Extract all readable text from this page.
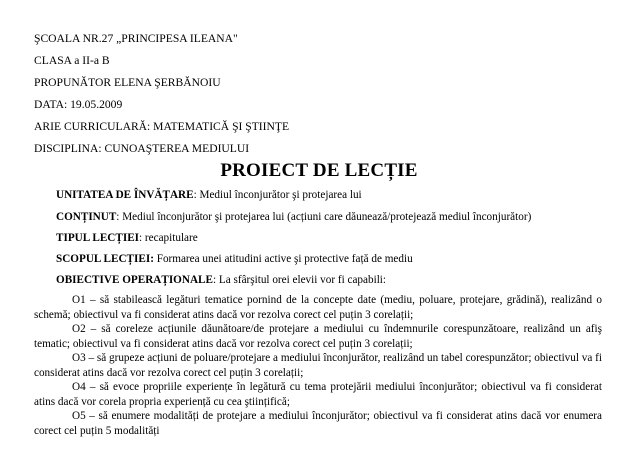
ŞCOALA NR.27 „PRINCIPESA ILEANA"
CLASA a II-a B
PROPUNĂTOR ELENA ŞERBĂNOIU
DATA: 19.05.2009
ARIE CURRICULARĂ: MATEMATICĂ ŞI ŞTIINŢE
DISCIPLINA: CUNOAŞTEREA MEDIULUI
PROIECT DE LECȚIE
UNITATEA DE ÎNVĂȚARE: Mediul înconjurător şi protejarea lui
CONȚINUT: Mediul înconjurător şi protejarea lui (acțiuni care dăunează/protejează mediul înconjurător)
TIPUL LECȚIEI: recapitulare
SCOPUL LECȚIEI: Formarea unei atitudini active şi protective față de mediu
OBIECTIVE OPERAȚIONALE: La sfârşitul orei elevii vor fi capabili:
O1 – să stabilească legături tematice pornind de la concepte date (mediu, poluare, protejare, grădină), realizând o schemă; obiectivul va fi considerat atins dacă vor rezolva corect cel puțin 3 corelații;
O2 – să coreleze acțiunile dăunătoare/de protejare a mediului cu îndemnurile corespunzătoare, realizând un afiş tematic; obiectivul va fi considerat atins dacă vor rezolva corect cel puțin 3 corelații;
O3 – să grupeze acțiuni de poluare/protejare a mediului înconjurător, realizând un tabel corespunzător; obiectivul va fi considerat atins dacă vor rezolva corect cel puțin 3 corelații;
O4 – să evoce propriile experiențe în legătură cu tema protejării mediului înconjurător; obiectivul va fi considerat atins dacă vor corela propria experiență cu cea ştiințifică;
O5 – să enumere modalități de protejare a mediului înconjurător; obiectivul va fi considerat atins dacă vor enumera corect cel puțin 5 modalități
